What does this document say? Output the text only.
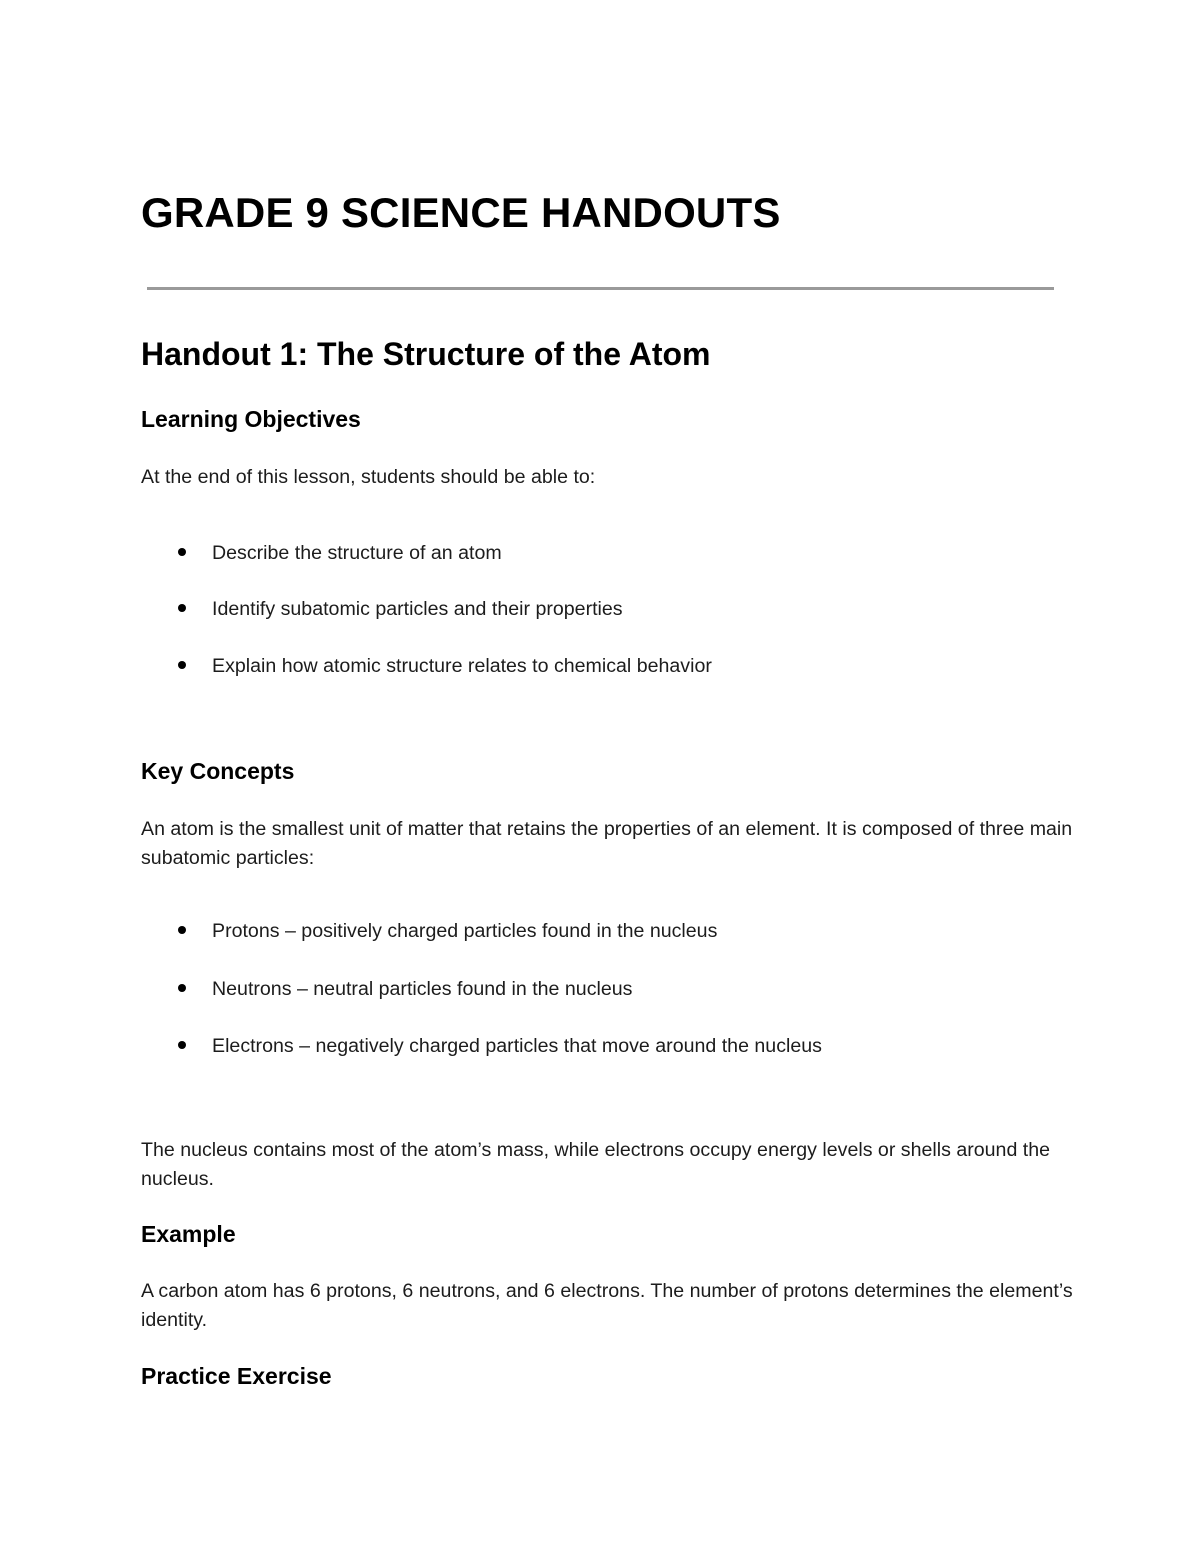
GRADE 9 SCIENCE HANDOUTS
Handout 1: The Structure of the Atom
Learning Objectives

At the end of this lesson, students should be able to:

Describe the structure of an atom
Identify subatomic particles and their properties
Explain how atomic structure relates to chemical behavior
Key Concepts

An atom is the smallest unit of matter that retains the properties of an element. It is composed of three main subatomic particles:

Protons – positively charged particles found in the nucleus
Neutrons – neutral particles found in the nucleus
Electrons – negatively charged particles that move around the nucleus

The nucleus contains most of the atom’s mass, while electrons occupy energy levels or shells around the nucleus.

Example

A carbon atom has 6 protons, 6 neutrons, and 6 electrons. The number of protons determines the element’s identity.

Practice Exercise
